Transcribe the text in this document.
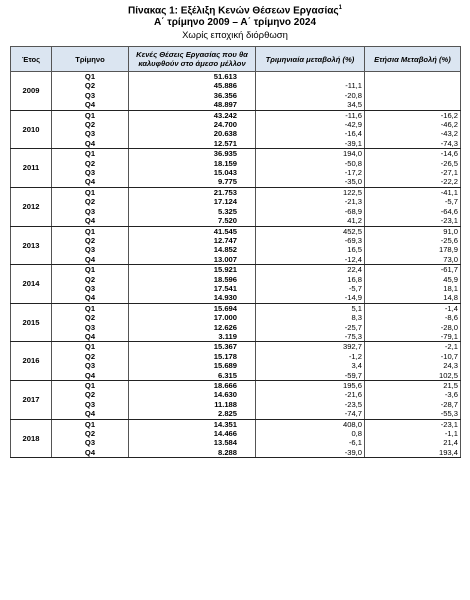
Πίνακας 1: Εξέλιξη Κενών Θέσεων Εργασίας$^1$
Α΄ τρίμηνο 2009 – Α΄ τρίμηνο 2024
Χωρίς εποχική διόρθωση
Έτος	Τρίμηνο	Κενές Θέσεις Εργασίας που θα καλυφθούν στο άμεσο μέλλον	Τριμηνιαία μεταβολή (%)	Ετήσια Μεταβολή (%)
2009	Q1	51.613		
	Q2	45.886	-11,1	
	Q3	36.356	-20,8	
	Q4	48.897	34,5	
2010	Q1	43.242	-11,6	-16,2
	Q2	24.700	-42,9	-46,2
	Q3	20.638	-16,4	-43,2
	Q4	12.571	-39,1	-74,3
2011	Q1	36.935	194,0	-14,6
	Q2	18.159	-50,8	-26,5
	Q3	15.043	-17,2	-27,1
	Q4	9.775	-35,0	-22,2
2012	Q1	21.753	122,5	-41,1
	Q2	17.124	-21,3	-5,7
	Q3	5.325	-68,9	-64,6
	Q4	7.520	41,2	-23,1
2013	Q1	41.545	452,5	91,0
	Q2	12.747	-69,3	-25,6
	Q3	14.852	16,5	178,9
	Q4	13.007	-12,4	73,0
2014	Q1	15.921	22,4	-61,7
	Q2	18.596	16,8	45,9
	Q3	17.541	-5,7	18,1
	Q4	14.930	-14,9	14,8
2015	Q1	15.694	5,1	-1,4
	Q2	17.000	8,3	-8,6
	Q3	12.626	-25,7	-28,0
	Q4	3.119	-75,3	-79,1
2016	Q1	15.367	392,7	-2,1
	Q2	15.178	-1,2	-10,7
	Q3	15.689	3,4	24,3
	Q4	6.315	-59,7	102,5
2017	Q1	18.666	195,6	21,5
	Q2	14.630	-21,6	-3,6
	Q3	11.188	-23,5	-28,7
	Q4	2.825	-74,7	-55,3
2018	Q1	14.351	408,0	-23,1
	Q2	14.466	0,8	-1,1
	Q3	13.584	-6,1	21,4
	Q4	8.288	-39,0	193,4
